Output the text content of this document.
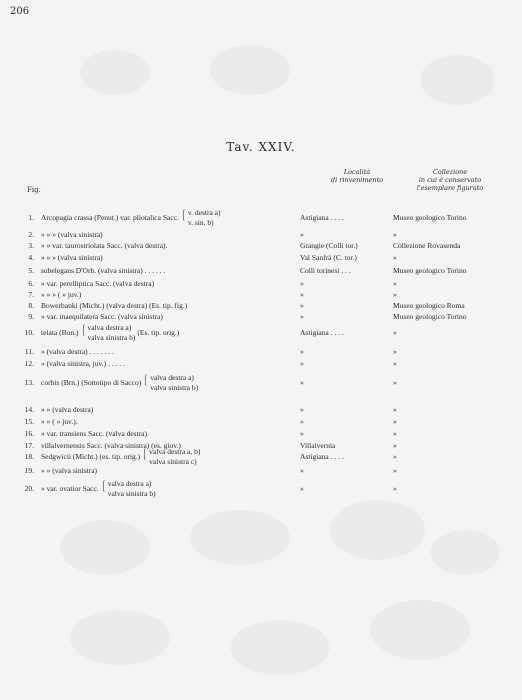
206
Tav. XXIV.
Fig.
Località
di rinvenimento
Collezione
in cui è conservato
l'esemplare figurato
1. Arcopagia crassa (Penut.) var. pliotalica Sacc.	Astigiana . . . .	Museo geologico Torino
{ v. destra a)
v. sin. b)
2. » » » (valva sinistra)	»	»
3. » » var. taurostriolata Sacc. (valva destra).	Grangie (Colli tor.)	Collezione Rovasenda
4. » » » (valva sinistra)	Val Sanfrà (C. tor.)	»
5. subelegans D'Orb. (valva sinistra) . . . . . .	Colli torinesi . . .	Museo geologico Torino
6. » var. perelliptica Sacc. (valva destra)	»	»
7. » » » ( » juv.)	»	»
8. Bowerbanki (Micht.) (valva destra) (Es. tip. fig.)	»	Museo geologico Roma
9. » var. inaequilatera Sacc. (valva sinistra)	»	Museo geologico Torino
10. telata (Bon.)	Astigiana . . . .	»
{ valva destra a)
valva sinistra b)
(Es. tip. orig.)
11. » (valva destra) . . . . . . .	»	»
12. » (valva sinistra, juv.) . . . . .	»	»
13. corbis (Brn.) (Sottotipo di Sacco)	»	»
{ valva destra a)
valva sinistra b)
14. » » (valva destra)	»	»
15. » » ( » juv.).	»	»
16. » var. transiens Sacc. (valva destra).	»	»
17. villalvernensis Sacc. (valva sinistra) (es. giov.)	Villalvernia	»
18. Sedgwicii (Micht.) (es. tip. orig.)	Astigiana . . . .	»
{ valva destra a, b)
valva sinistra c)
19. » » (valva sinistra)	»	»
20. » var. ovatior Sacc.	»	»
{ valva destra a)
valva sinistra b)
